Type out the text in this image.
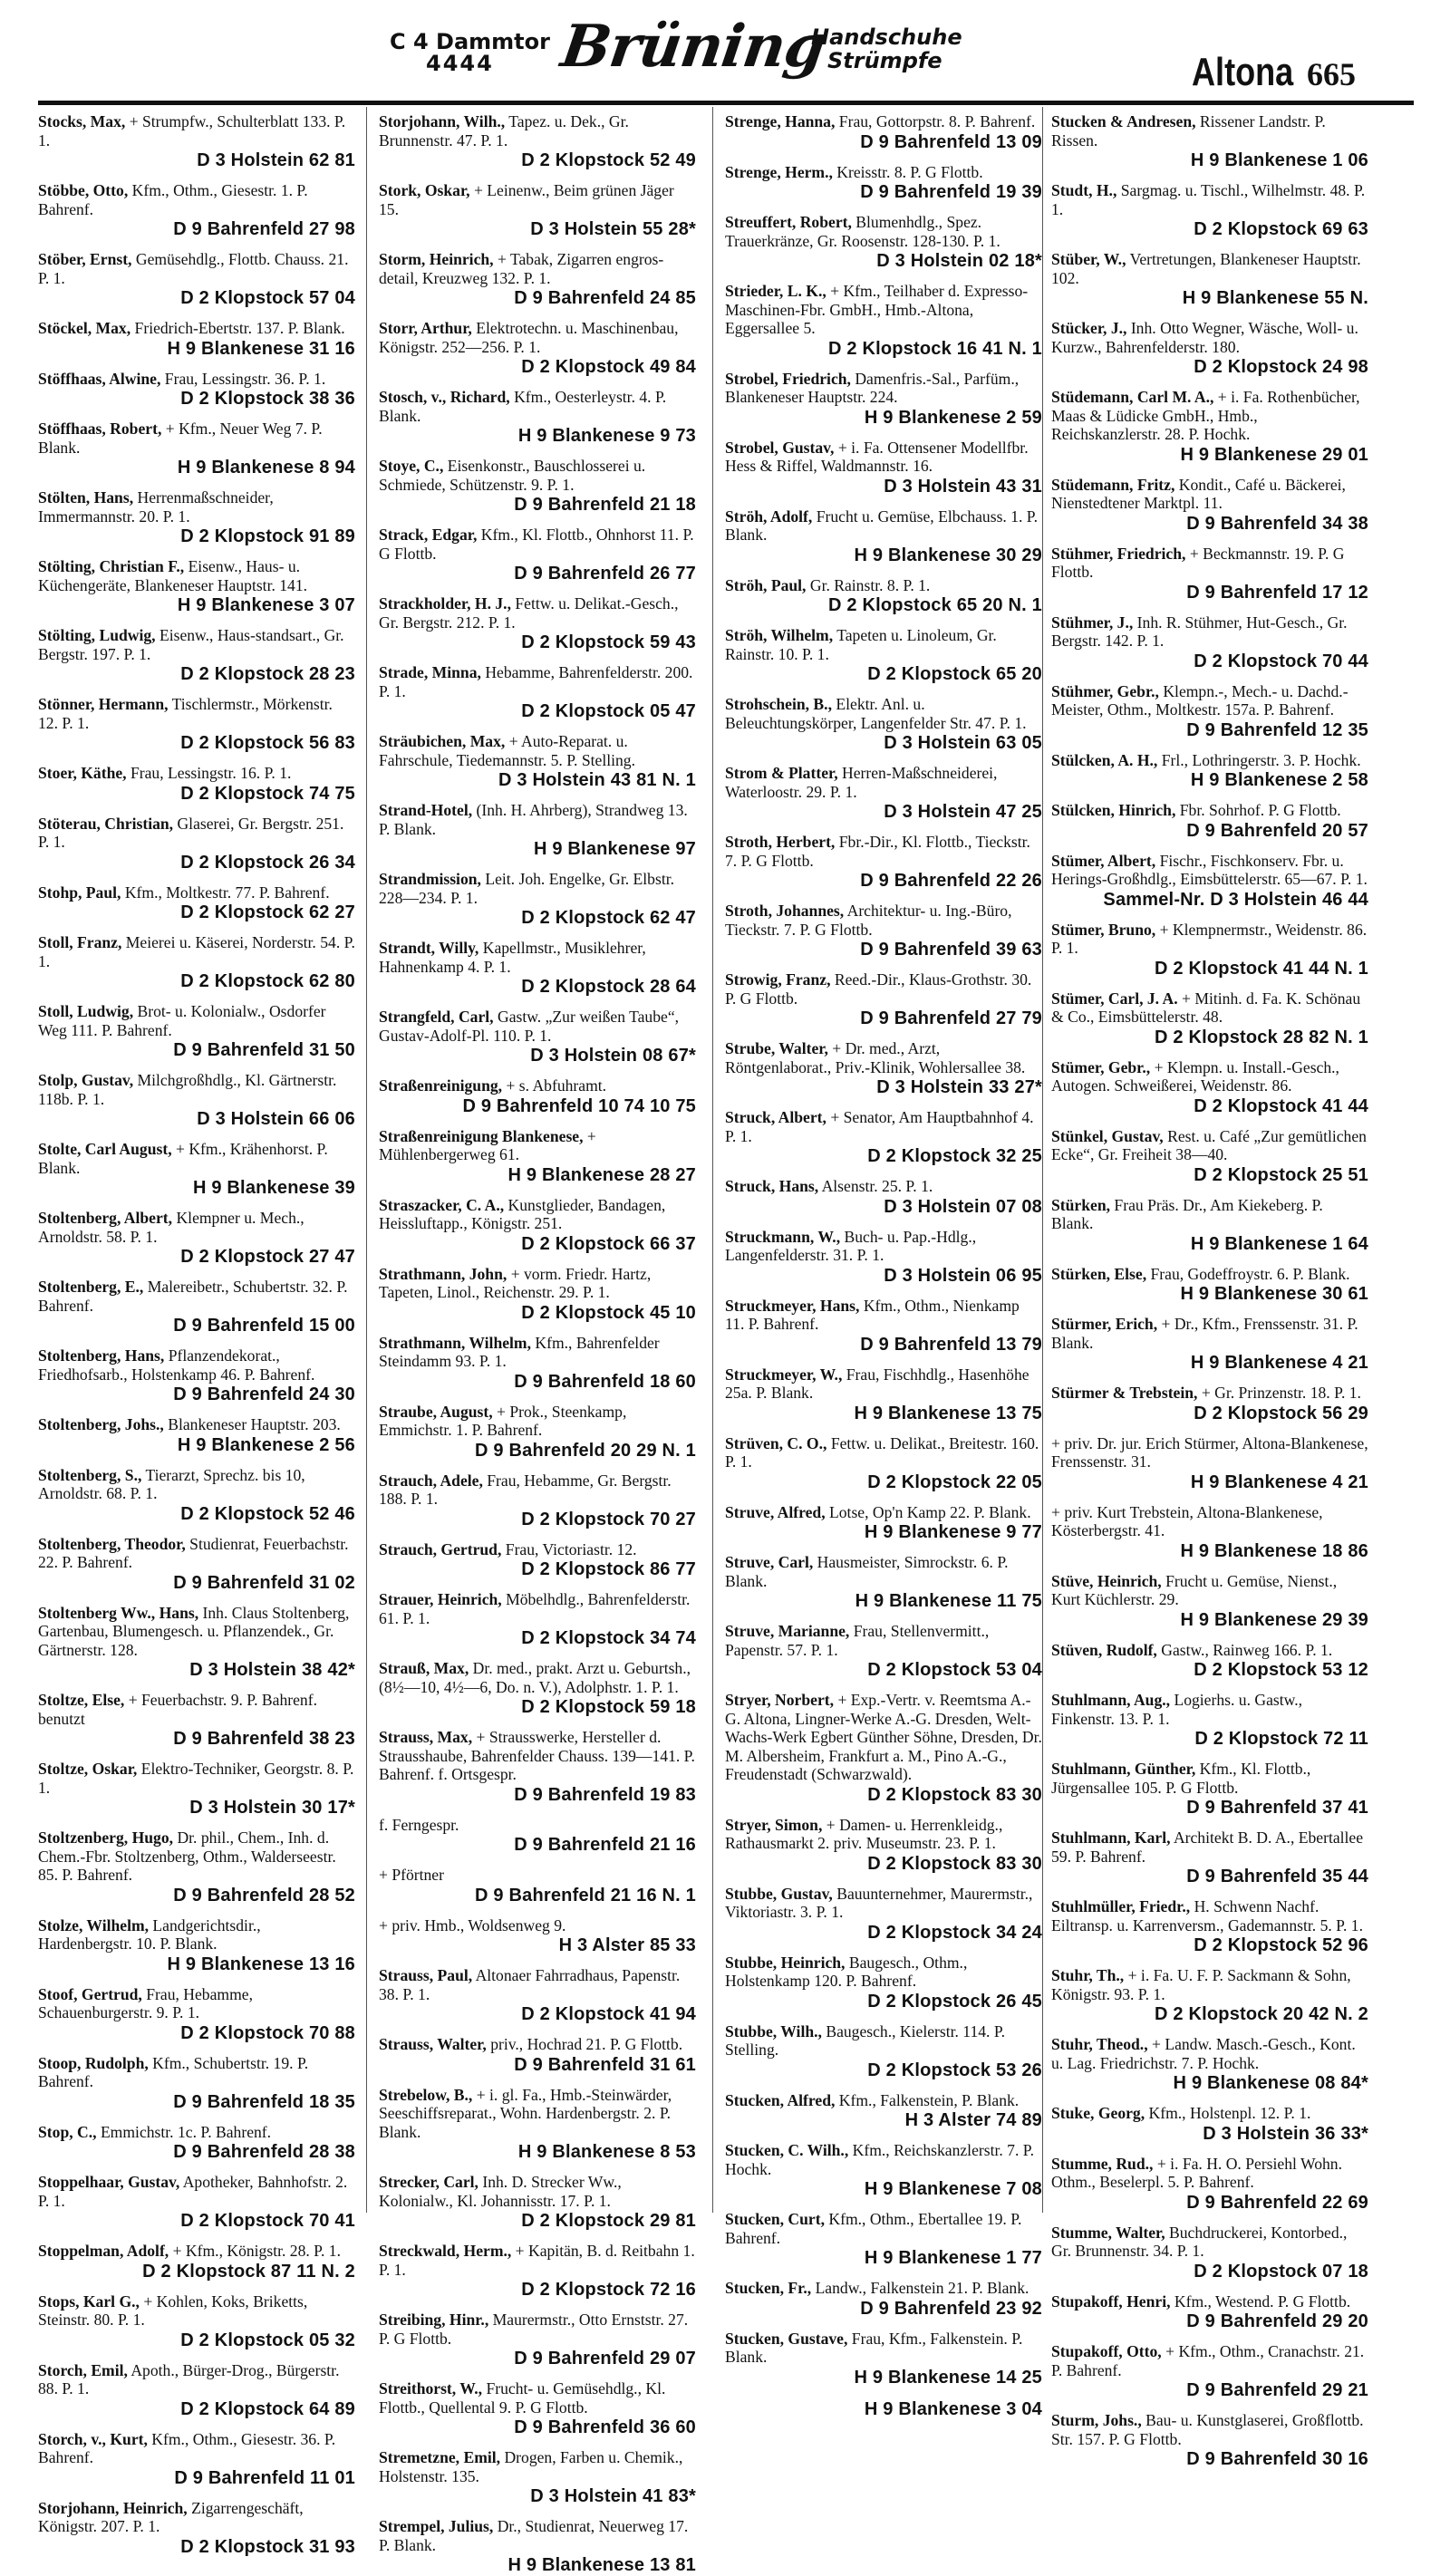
C 4 Dammtor
4444	Brüning
Handschuhe
Strümpfe	Altona 665
Stocks, Max, + Strumpfw., Schulterblatt 133. P. 1.
D 3 Holstein 62 81
Stöbbe, Otto, Kfm., Othm., Giesestr. 1. P. Bahrenf.
D 9 Bahrenfeld 27 98
Stöber, Ernst, Gemüsehdlg., Flottb. Chauss. 21. P. 1.
D 2 Klopstock 57 04
Stöckel, Max, Friedrich-Ebertstr. 137. P. Blank.
H 9 Blankenese 31 16
Stöffhaas, Alwine, Frau, Lessingstr. 36. P. 1.
D 2 Klopstock 38 36
Stöffhaas, Robert, + Kfm., Neuer Weg 7. P. Blank.
H 9 Blankenese 8 94
Stölten, Hans, Herrenmaßschneider, Immermannstr. 20. P. 1.
D 2 Klopstock 91 89
Stölting, Christian F., Eisenw., Haus- u. Küchengeräte, Blankeneser Hauptstr. 141.
H 9 Blankenese 3 07
Stölting, Ludwig, Eisenw., Haus-standsart., Gr. Bergstr. 197. P. 1.
D 2 Klopstock 28 23
Stönner, Hermann, Tischlermstr., Mörkenstr. 12. P. 1.
D 2 Klopstock 56 83
Stoer, Käthe, Frau, Lessingstr. 16. P. 1.
D 2 Klopstock 74 75
Stöterau, Christian, Glaserei, Gr. Bergstr. 251. P. 1.
D 2 Klopstock 26 34
Stohp, Paul, Kfm., Moltkestr. 77. P. Bahrenf.
D 2 Klopstock 62 27
Stoll, Franz, Meierei u. Käserei, Norderstr. 54. P. 1.
D 2 Klopstock 62 80
Stoll, Ludwig, Brot- u. Kolonialw., Osdorfer Weg 111. P. Bahrenf.
D 9 Bahrenfeld 31 50
Stolp, Gustav, Milchgroßhdlg., Kl. Gärtnerstr. 118b. P. 1.
D 3 Holstein 66 06
Stolte, Carl August, + Kfm., Krähenhorst. P. Blank.
H 9 Blankenese 39
Stoltenberg, Albert, Klempner u. Mech., Arnoldstr. 58. P. 1.
D 2 Klopstock 27 47
Stoltenberg, E., Malereibetr., Schubertstr. 32. P. Bahrenf.
D 9 Bahrenfeld 15 00
Stoltenberg, Hans, Pflanzendekorat., Friedhofsarb., Holstenkamp 46. P. Bahrenf.
D 9 Bahrenfeld 24 30
Stoltenberg, Johs., Blankeneser Hauptstr. 203.
H 9 Blankenese 2 56
Stoltenberg, S., Tierarzt, Sprechz. bis 10, Arnoldstr. 68. P. 1.
D 2 Klopstock 52 46
Stoltenberg, Theodor, Studienrat, Feuerbachstr. 22. P. Bahrenf.
D 9 Bahrenfeld 31 02
Stoltenberg Ww., Hans, Inh. Claus Stoltenberg, Gartenbau, Blumengesch. u. Pflanzendek., Gr. Gärtnerstr. 128.
D 3 Holstein 38 42*
Stoltze, Else, + Feuerbachstr. 9. P. Bahrenf. benutzt
D 9 Bahrenfeld 38 23
Stoltze, Oskar, Elektro-Techniker, Georgstr. 8. P. 1.
D 3 Holstein 30 17*
Stoltzenberg, Hugo, Dr. phil., Chem., Inh. d. Chem.-Fbr. Stoltzenberg, Othm., Walderseestr. 85. P. Bahrenf.
D 9 Bahrenfeld 28 52
Stolze, Wilhelm, Landgerichtsdir., Hardenbergstr. 10. P. Blank.
H 9 Blankenese 13 16
Stoof, Gertrud, Frau, Hebamme, Schauenburgerstr. 9. P. 1.
D 2 Klopstock 70 88
Stoop, Rudolph, Kfm., Schubertstr. 19. P. Bahrenf.
D 9 Bahrenfeld 18 35
Stop, C., Emmichstr. 1c. P. Bahrenf.
D 9 Bahrenfeld 28 38
Stoppelhaar, Gustav, Apotheker, Bahnhofstr. 2. P. 1.
D 2 Klopstock 70 41
Stoppelman, Adolf, + Kfm., Königstr. 28. P. 1.
D 2 Klopstock 87 11 N. 2
Stops, Karl G., + Kohlen, Koks, Briketts, Steinstr. 80. P. 1.
D 2 Klopstock 05 32
Storch, Emil, Apoth., Bürger-Drog., Bürgerstr. 88. P. 1.
D 2 Klopstock 64 89
Storch, v., Kurt, Kfm., Othm., Giesestr. 36. P. Bahrenf.
D 9 Bahrenfeld 11 01
Storjohann, Heinrich, Zigarrengeschäft, Königstr. 207. P. 1.
D 2 Klopstock 31 93
Storjohann, Wilh., Tapez. u. Dek., Gr. Brunnenstr. 47. P. 1.
D 2 Klopstock 52 49
Stork, Oskar, + Leinenw., Beim grünen Jäger 15.
D 3 Holstein 55 28*
Storm, Heinrich, + Tabak, Zigarren engros-detail, Kreuzweg 132. P. 1.
D 9 Bahrenfeld 24 85
Storr, Arthur, Elektrotechn. u. Maschinenbau, Königstr. 252—256. P. 1.
D 2 Klopstock 49 84
Stosch, v., Richard, Kfm., Oesterleystr. 4. P. Blank.
H 9 Blankenese 9 73
Stoye, C., Eisenkonstr., Bauschlosserei u. Schmiede, Schützenstr. 9. P. 1.
D 9 Bahrenfeld 21 18
Strack, Edgar, Kfm., Kl. Flottb., Ohnhorst 11. P. G Flottb.
D 9 Bahrenfeld 26 77
Strackholder, H. J., Fettw. u. Delikat.-Gesch., Gr. Bergstr. 212. P. 1.
D 2 Klopstock 59 43
Strade, Minna, Hebamme, Bahrenfelderstr. 200. P. 1.
D 2 Klopstock 05 47
Sträubichen, Max, + Auto-Reparat. u. Fahrschule, Tiedemannstr. 5. P. Stelling.
D 3 Holstein 43 81 N. 1
Strand-Hotel, (Inh. H. Ahrberg), Strandweg 13. P. Blank.
H 9 Blankenese 97
Strandmission, Leit. Joh. Engelke, Gr. Elbstr. 228—234. P. 1.
D 2 Klopstock 62 47
Strandt, Willy, Kapellmstr., Musiklehrer, Hahnenkamp 4. P. 1.
D 2 Klopstock 28 64
Strangfeld, Carl, Gastw. „Zur weißen Taube“, Gustav-Adolf-Pl. 110. P. 1.
D 3 Holstein 08 67*
Straßenreinigung, + s. Abfuhramt.
D 9 Bahrenfeld 10 74 10 75
Straßenreinigung Blankenese, + Mühlenbergerweg 61.
H 9 Blankenese 28 27
Straszacker, C. A., Kunstglieder, Bandagen, Heissluftapp., Königstr. 251.
D 2 Klopstock 66 37
Strathmann, John, + vorm. Friedr. Hartz, Tapeten, Linol., Reichenstr. 29. P. 1.
D 2 Klopstock 45 10
Strathmann, Wilhelm, Kfm., Bahrenfelder Steindamm 93. P. 1.
D 9 Bahrenfeld 18 60
Straube, August, + Prok., Steenkamp, Emmichstr. 1. P. Bahrenf.
D 9 Bahrenfeld 20 29 N. 1
Strauch, Adele, Frau, Hebamme, Gr. Bergstr. 188. P. 1.
D 2 Klopstock 70 27
Strauch, Gertrud, Frau, Victoriastr. 12.
D 2 Klopstock 86 77
Strauer, Heinrich, Möbelhdlg., Bahrenfelderstr. 61. P. 1.
D 2 Klopstock 34 74
Strauß, Max, Dr. med., prakt. Arzt u. Geburtsh., (8½—10, 4½—6, Do. n. V.), Adolphstr. 1. P. 1.
D 2 Klopstock 59 18
Strauss, Max, + Strausswerke, Hersteller d. Strausshaube, Bahrenfelder Chauss. 139—141. P. Bahrenf. f. Ortsgespr.
D 9 Bahrenfeld 19 83
f. Ferngespr.
D 9 Bahrenfeld 21 16
+ Pförtner
D 9 Bahrenfeld 21 16 N. 1
+ priv. Hmb., Woldsenweg 9.
H 3 Alster 85 33
Strauss, Paul, Altonaer Fahrradhaus, Papenstr. 38. P. 1.
D 2 Klopstock 41 94
Strauss, Walter, priv., Hochrad 21. P. G Flottb.
D 9 Bahrenfeld 31 61
Strebelow, B., + i. gl. Fa., Hmb.-Steinwärder, Seeschiffsreparat., Wohn. Hardenbergstr. 2. P. Blank.
H 9 Blankenese 8 53
Strecker, Carl, Inh. D. Strecker Ww., Kolonialw., Kl. Johannisstr. 17. P. 1.
D 2 Klopstock 29 81
Streckwald, Herm., + Kapitän, B. d. Reitbahn 1. P. 1.
D 2 Klopstock 72 16
Streibing, Hinr., Maurermstr., Otto Ernststr. 27. P. G Flottb.
D 9 Bahrenfeld 29 07
Streithorst, W., Frucht- u. Gemüsehdlg., Kl. Flottb., Quellental 9. P. G Flottb.
D 9 Bahrenfeld 36 60
Stremetzne, Emil, Drogen, Farben u. Chemik., Holstenstr. 135.
D 3 Holstein 41 83*
Strempel, Julius, Dr., Studienrat, Neuerweg 17. P. Blank.
H 9 Blankenese 13 81
Strenge, Hanna, Frau, Gottorpstr. 8. P. Bahrenf.
D 9 Bahrenfeld 13 09
Strenge, Herm., Kreisstr. 8. P. G Flottb.
D 9 Bahrenfeld 19 39
Streuffert, Robert, Blumenhdlg., Spez. Trauerkränze, Gr. Roosenstr. 128-130. P. 1.
D 3 Holstein 02 18*
Strieder, L. K., + Kfm., Teilhaber d. Expresso-Maschinen-Fbr. GmbH., Hmb.-Altona, Eggersallee 5.
D 2 Klopstock 16 41 N. 1
Strobel, Friedrich, Damenfris.-Sal., Parfüm., Blankeneser Hauptstr. 224.
H 9 Blankenese 2 59
Strobel, Gustav, + i. Fa. Ottensener Modellfbr. Hess & Riffel, Waldmannstr. 16.
D 3 Holstein 43 31
Ströh, Adolf, Frucht u. Gemüse, Elbchauss. 1. P. Blank.
H 9 Blankenese 30 29
Ströh, Paul, Gr. Rainstr. 8. P. 1.
D 2 Klopstock 65 20 N. 1
Ströh, Wilhelm, Tapeten u. Linoleum, Gr. Rainstr. 10. P. 1.
D 2 Klopstock 65 20
Strohschein, B., Elektr. Anl. u. Beleuchtungskörper, Langenfelder Str. 47. P. 1.
D 3 Holstein 63 05
Strom & Platter, Herren-Maßschneiderei, Waterloostr. 29. P. 1.
D 3 Holstein 47 25
Stroth, Herbert, Fbr.-Dir., Kl. Flottb., Tieckstr. 7. P. G Flottb.
D 9 Bahrenfeld 22 26
Stroth, Johannes, Architektur- u. Ing.-Büro, Tieckstr. 7. P. G Flottb.
D 9 Bahrenfeld 39 63
Strowig, Franz, Reed.-Dir., Klaus-Grothstr. 30. P. G Flottb.
D 9 Bahrenfeld 27 79
Strube, Walter, + Dr. med., Arzt, Röntgenlaborat., Priv.-Klinik, Wohlersallee 38.
D 3 Holstein 33 27*
Struck, Albert, + Senator, Am Hauptbahnhof 4. P. 1.
D 2 Klopstock 32 25
Struck, Hans, Alsenstr. 25. P. 1.
D 3 Holstein 07 08
Struckmann, W., Buch- u. Pap.-Hdlg., Langenfelderstr. 31. P. 1.
D 3 Holstein 06 95
Struckmeyer, Hans, Kfm., Othm., Nienkamp 11. P. Bahrenf.
D 9 Bahrenfeld 13 79
Struckmeyer, W., Frau, Fischhdlg., Hasenhöhe 25a. P. Blank.
H 9 Blankenese 13 75
Strüven, C. O., Fettw. u. Delikat., Breitestr. 160. P. 1.
D 2 Klopstock 22 05
Struve, Alfred, Lotse, Op'n Kamp 22. P. Blank.
H 9 Blankenese 9 77
Struve, Carl, Hausmeister, Simrockstr. 6. P. Blank.
H 9 Blankenese 11 75
Struve, Marianne, Frau, Stellenvermitt., Papenstr. 57. P. 1.
D 2 Klopstock 53 04
Stryer, Norbert, + Exp.-Vertr. v. Reemtsma A.-G. Altona, Lingner-Werke A.-G. Dresden, Welt-Wachs-Werk Egbert Günther Söhne, Dresden, Dr. M. Albersheim, Frankfurt a. M., Pino A.-G., Freudenstadt (Schwarzwald).
D 2 Klopstock 83 30
Stryer, Simon, + Damen- u. Herrenkleidg., Rathausmarkt 2. priv. Museumstr. 23. P. 1.
D 2 Klopstock 83 30
Stubbe, Gustav, Bauunternehmer, Maurermstr., Viktoriastr. 3. P. 1.
D 2 Klopstock 34 24
Stubbe, Heinrich, Baugesch., Othm., Holstenkamp 120. P. Bahrenf.
D 2 Klopstock 26 45
Stubbe, Wilh., Baugesch., Kielerstr. 114. P. Stelling.
D 2 Klopstock 53 26
Stucken, Alfred, Kfm., Falkenstein, P. Blank.
H 3 Alster 74 89
Stucken, C. Wilh., Kfm., Reichskanzlerstr. 7. P. Hochk.
H 9 Blankenese 7 08
Stucken, Curt, Kfm., Othm., Ebertallee 19. P. Bahrenf.
H 9 Blankenese 1 77
Stucken, Fr., Landw., Falkenstein 21. P. Blank.
D 9 Bahrenfeld 23 92
Stucken, Gustave, Frau, Kfm., Falkenstein. P. Blank.
H 9 Blankenese 14 25
H 9 Blankenese 3 04
Stucken & Andresen, Rissener Landstr. P. Rissen.
H 9 Blankenese 1 06
Studt, H., Sargmag. u. Tischl., Wilhelmstr. 48. P. 1.
D 2 Klopstock 69 63
Stüber, W., Vertretungen, Blankeneser Hauptstr. 102.
H 9 Blankenese 55 N.
Stücker, J., Inh. Otto Wegner, Wäsche, Woll- u. Kurzw., Bahrenfelderstr. 180.
D 2 Klopstock 24 98
Stüdemann, Carl M. A., + i. Fa. Rothenbücher, Maas & Lüdicke GmbH., Hmb., Reichskanzlerstr. 28. P. Hochk.
H 9 Blankenese 29 01
Stüdemann, Fritz, Kondit., Café u. Bäckerei, Nienstedtener Marktpl. 11.
D 9 Bahrenfeld 34 38
Stühmer, Friedrich, + Beckmannstr. 19. P. G Flottb.
D 9 Bahrenfeld 17 12
Stühmer, J., Inh. R. Stühmer, Hut-Gesch., Gr. Bergstr. 142. P. 1.
D 2 Klopstock 70 44
Stühmer, Gebr., Klempn.-, Mech.- u. Dachd.-Meister, Othm., Moltkestr. 157a. P. Bahrenf.
D 9 Bahrenfeld 12 35
Stülcken, A. H., Frl., Lothringerstr. 3. P. Hochk.
H 9 Blankenese 2 58
Stülcken, Hinrich, Fbr. Sohrhof. P. G Flottb.
D 9 Bahrenfeld 20 57
Stümer, Albert, Fischr., Fischkonserv. Fbr. u. Herings-Großhdlg., Eimsbüttelerstr. 65—67. P. 1.
Sammel-Nr. D 3 Holstein 46 44
Stümer, Bruno, + Klempnermstr., Weidenstr. 86. P. 1.
D 2 Klopstock 41 44 N. 1
Stümer, Carl, J. A. + Mitinh. d. Fa. K. Schönau & Co., Eimsbüttelerstr. 48.
D 2 Klopstock 28 82 N. 1
Stümer, Gebr., + Klempn. u. Install.-Gesch., Autogen. Schweißerei, Weidenstr. 86.
D 2 Klopstock 41 44
Stünkel, Gustav, Rest. u. Café „Zur gemütlichen Ecke“, Gr. Freiheit 38—40.
D 2 Klopstock 25 51
Stürken, Frau Präs. Dr., Am Kiekeberg. P. Blank.
H 9 Blankenese 1 64
Stürken, Else, Frau, Godeffroystr. 6. P. Blank.
H 9 Blankenese 30 61
Stürmer, Erich, + Dr., Kfm., Frenssenstr. 31. P. Blank.
H 9 Blankenese 4 21
Stürmer & Trebstein, + Gr. Prinzenstr. 18. P. 1.
D 2 Klopstock 56 29
+ priv. Dr. jur. Erich Stürmer, Altona-Blankenese, Frenssenstr. 31.
H 9 Blankenese 4 21
+ priv. Kurt Trebstein, Altona-Blankenese, Kösterbergstr. 41.
H 9 Blankenese 18 86
Stüve, Heinrich, Frucht u. Gemüse, Nienst., Kurt Küchlerstr. 29.
H 9 Blankenese 29 39
Stüven, Rudolf, Gastw., Rainweg 166. P. 1.
D 2 Klopstock 53 12
Stuhlmann, Aug., Logierhs. u. Gastw., Finkenstr. 13. P. 1.
D 2 Klopstock 72 11
Stuhlmann, Günther, Kfm., Kl. Flottb., Jürgensallee 105. P. G Flottb.
D 9 Bahrenfeld 37 41
Stuhlmann, Karl, Architekt B. D. A., Ebertallee 59. P. Bahrenf.
D 9 Bahrenfeld 35 44
Stuhlmüller, Friedr., H. Schwenn Nachf. Eiltransp. u. Karrenversm., Gademannstr. 5. P. 1.
D 2 Klopstock 52 96
Stuhr, Th., + i. Fa. U. F. P. Sackmann & Sohn, Königstr. 93. P. 1.
D 2 Klopstock 20 42 N. 2
Stuhr, Theod., + Landw. Masch.-Gesch., Kont. u. Lag. Friedrichstr. 7. P. Hochk.
H 9 Blankenese 08 84*
Stuke, Georg, Kfm., Holstenpl. 12. P. 1.
D 3 Holstein 36 33*
Stumme, Rud., + i. Fa. H. O. Persiehl Wohn. Othm., Beselerpl. 5. P. Bahrenf.
D 9 Bahrenfeld 22 69
Stumme, Walter, Buchdruckerei, Kontorbed., Gr. Brunnenstr. 34. P. 1.
D 2 Klopstock 07 18
Stupakoff, Henri, Kfm., Westend. P. G Flottb.
D 9 Bahrenfeld 29 20
Stupakoff, Otto, + Kfm., Othm., Cranachstr. 21. P. Bahrenf.
D 9 Bahrenfeld 29 21
Sturm, Johs., Bau- u. Kunstglaserei, Großflottb. Str. 157. P. G Flottb.
D 9 Bahrenfeld 30 16
